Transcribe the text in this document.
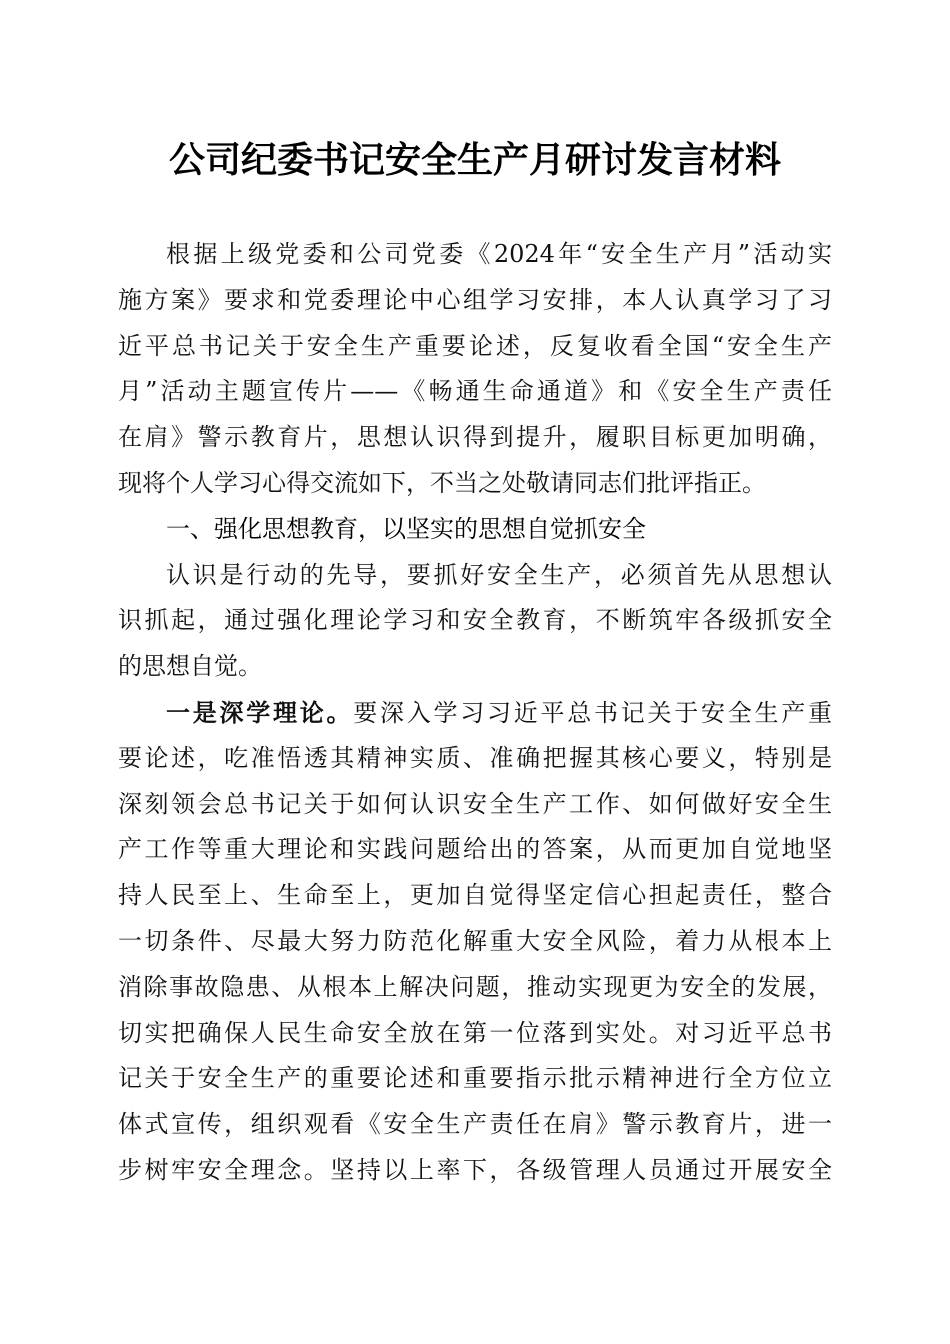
公司纪委书记安全生产月研讨发言材料
根据上级党委和公司党委《2024年“安全生产月”活动实
施方案》要求和党委理论中心组学习安排，本人认真学习了习
近平总书记关于安全生产重要论述，反复收看全国“安全生产
月”活动主题宣传片——《畅通生命通道》和《安全生产责任
在肩》警示教育片，思想认识得到提升，履职目标更加明确，
现将个人学习心得交流如下，不当之处敬请同志们批评指正。
一、强化思想教育，以坚实的思想自觉抓安全
认识是行动的先导，要抓好安全生产，必须首先从思想认
识抓起，通过强化理论学习和安全教育，不断筑牢各级抓安全
的思想自觉。
一是深学理论。要深入学习习近平总书记关于安全生产重
要论述，吃准悟透其精神实质、准确把握其核心要义，特别是
深刻领会总书记关于如何认识安全生产工作、如何做好安全生
产工作等重大理论和实践问题给出的答案，从而更加自觉地坚
持人民至上、生命至上，更加自觉得坚定信心担起责任，整合
一切条件、尽最大努力防范化解重大安全风险，着力从根本上
消除事故隐患、从根本上解决问题，推动实现更为安全的发展，
切实把确保人民生命安全放在第一位落到实处。对习近平总书
记关于安全生产的重要论述和重要指示批示精神进行全方位立
体式宣传，组织观看《安全生产责任在肩》警示教育片，进一
步树牢安全理念。坚持以上率下，各级管理人员通过开展安全
